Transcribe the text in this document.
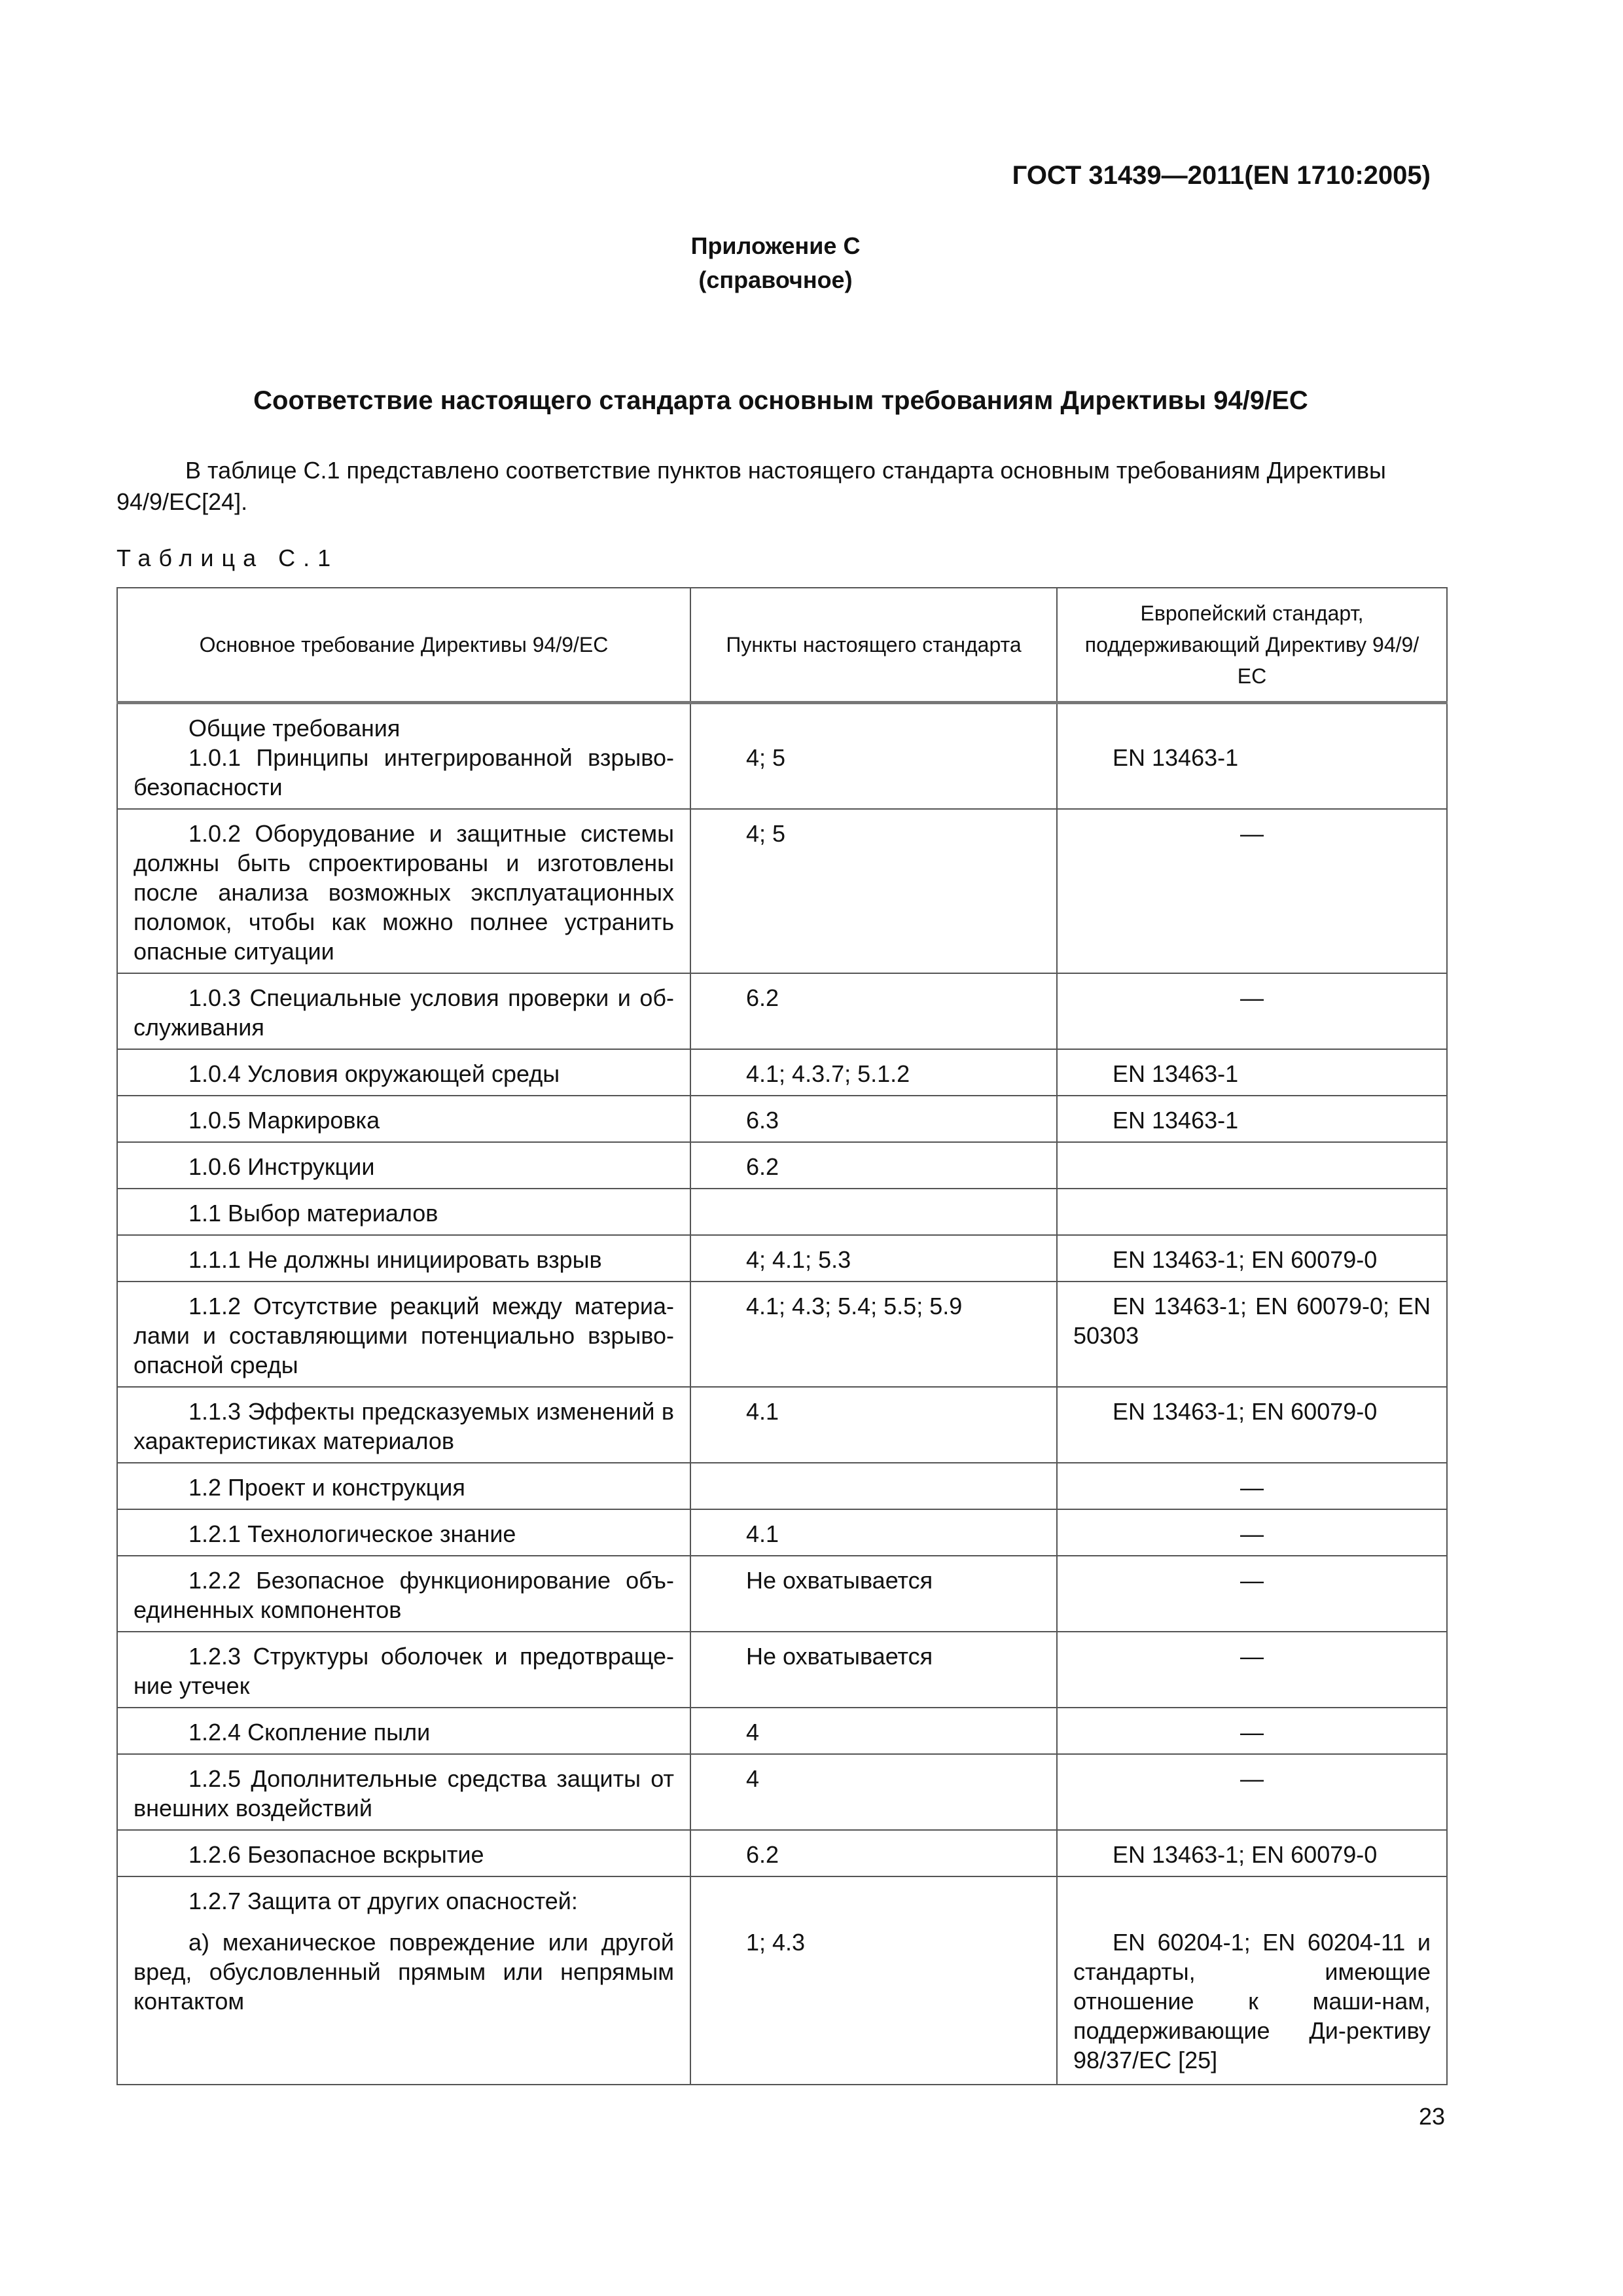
ГОСТ 31439—2011(EN 1710:2005)
Приложение С
(справочное)
Соответствие настоящего стандарта основным требованиям Директивы 94/9/ЕС
В таблице С.1 представлено соответствие пунктов настоящего стандарта основным требованиям Директивы
94/9/ЕС[24].
Таблица С.1
Основное требование Директивы 94/9/ЕС	Пункты настоящего стандарта	Европейский стандарт, поддерживающий Директиву 94/9/ЕС

Общие требования
1.0.1 Принципы интегрированной взрыво-безопасности	4; 5	EN 13463-1

1.0.2 Оборудование и защитные системы должны быть спроектированы и изготовлены после анализа возможных эксплуатационных поломок, чтобы как можно полнее устранить опасные ситуации	4; 5	—

1.0.3 Специальные условия проверки и об-служивания	6.2	—

1.0.4 Условия окружающей среды	4.1; 4.3.7; 5.1.2	EN 13463-1

1.0.5 Маркировка	6.3	EN 13463-1

1.0.6 Инструкции	6.2	

1.1 Выбор материалов		

1.1.1 Не должны инициировать взрыв	4; 4.1; 5.3	EN 13463-1; EN 60079-0

1.1.2 Отсутствие реакций между материа-лами и составляющими потенциально взрыво-опасной среды	4.1; 4.3; 5.4; 5.5; 5.9	EN 13463-1; EN 60079-0; EN 50303

1.1.3 Эффекты предсказуемых изменений в характеристиках материалов	4.1	EN 13463-1; EN 60079-0

1.2 Проект и конструкция		—

1.2.1 Технологическое знание	4.1	—

1.2.2 Безопасное функционирование объ-единенных компонентов	Не охватывается	—

1.2.3 Структуры оболочек и предотвраще-ние утечек	Не охватывается	—

1.2.4 Скопление пыли	4	—

1.2.5 Дополнительные средства защиты от внешних воздействий	4	—

1.2.6 Безопасное вскрытие	6.2	EN 13463-1; EN 60079-0

1.2.7 Защита от других опасностей:
а) механическое повреждение или другой вред, обусловленный прямым или непрямым контактом	1; 4.3	EN 60204-1; EN 60204-11 и стандарты, имеющие отношение к маши-нам, поддерживающие Ди-рективу 98/37/ЕС [25]
23
